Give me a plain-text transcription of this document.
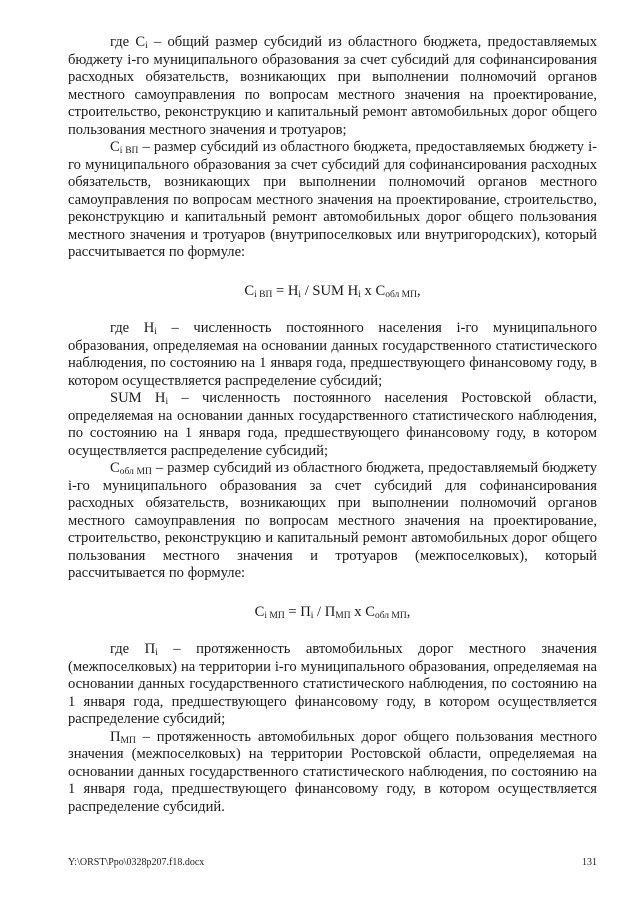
где $С_i$ – общий размер субсидий из областного бюджета, предоставляемых бюджету i-го муниципального образования за счет субсидий для софинансирования расходных обязательств, возникающих при выполнении полномочий органов местного самоуправления по вопросам местного значения на проектирование, строительство, реконструкцию и капитальный ремонт автомобильных дорог общего пользования местного значения и тротуаров;

$С_{i ВП}$ – размер субсидий из областного бюджета, предоставляемых бюджету i-го муниципального образования за счет субсидий для софинансирования расходных обязательств, возникающих при выполнении полномочий органов местного самоуправления по вопросам местного значения на проектирование, строительство, реконструкцию и капитальный ремонт автомобильных дорог общего пользования местного значения и тротуаров (внутрипоселковых или внутригородских), который рассчитывается по формуле:

$С_{i ВП} = Н_i$ / SUM $Н_i$ х $С_{обл МП}$,

где $Н_i$ – численность постоянного населения i-го муниципального образования, определяемая на основании данных государственного статистического наблюдения, по состоянию на 1 января года, предшествующего финансовому году, в котором осуществляется распределение субсидий;

SUM $Н_i$ – численность постоянного населения Ростовской области, определяемая на основании данных государственного статистического наблюдения, по состоянию на 1 января года, предшествующего финансовому году, в котором осуществляется распределение субсидий;

$С_{обл МП}$ – размер субсидий из областного бюджета, предоставляемый бюджету i-го муниципального образования за счет субсидий для софинансирования расходных обязательств, возникающих при выполнении полномочий органов местного самоуправления по вопросам местного значения на проектирование, строительство, реконструкцию и капитальный ремонт автомобильных дорог общего пользования местного значения и тротуаров (межпоселковых), который рассчитывается по формуле:

$С_{i МП} = П_i / П_{МП}$ х $С_{обл МП}$,

где $П_i$ – протяженность автомобильных дорог местного значения (межпоселковых) на территории i-го муниципального образования, определяемая на основании данных государственного статистического наблюдения, по состоянию на 1 января года, предшествующего финансовому году, в котором осуществляется распределение субсидий;

$П_{МП}$ – протяженность автомобильных дорог общего пользования местного значения (межпоселковых) на территории Ростовской области, определяемая на основании данных государственного статистического наблюдения, по состоянию на 1 января года, предшествующего финансовому году, в котором осуществляется распределение субсидий.

Y:\ORST\Ppo\0328p207.f18.docx	131
